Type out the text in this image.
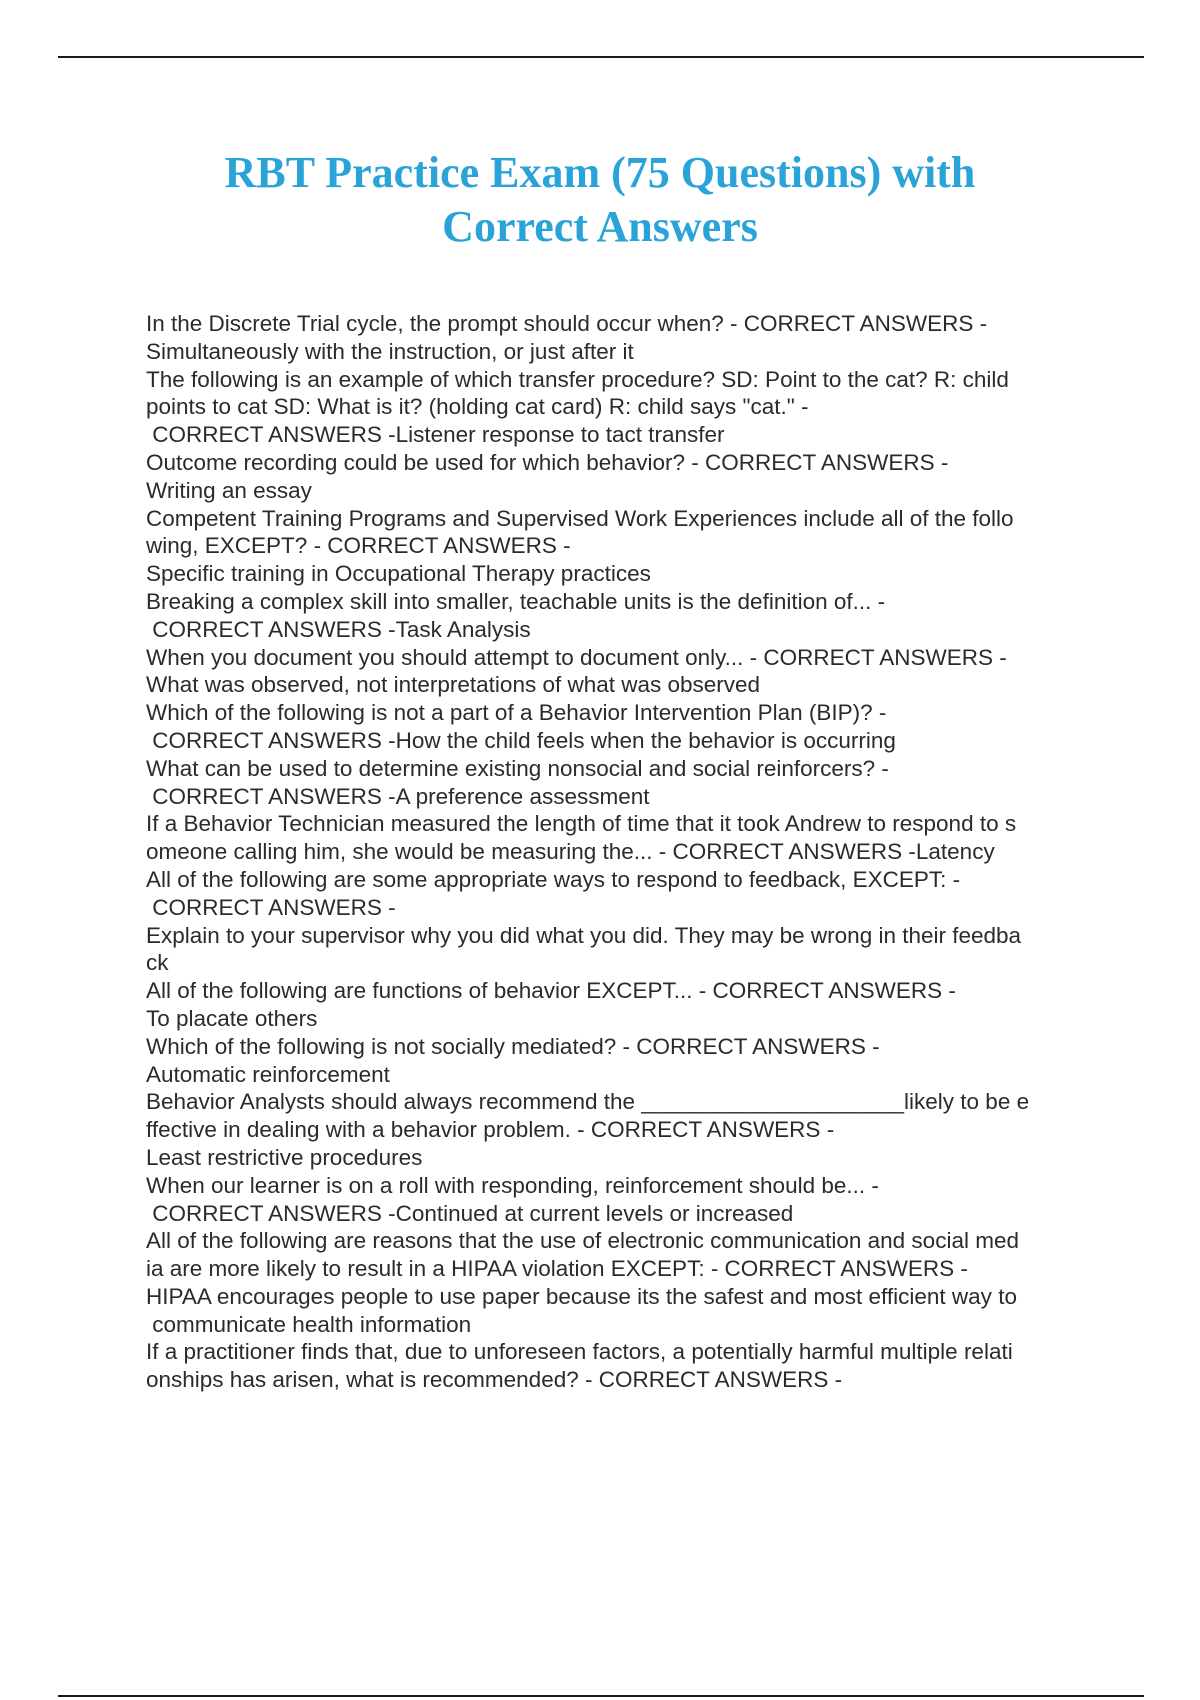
RBT Practice Exam (75 Questions) with
Correct Answers
In the Discrete Trial cycle, the prompt should occur when? - CORRECT ANSWERS -
Simultaneously with the instruction, or just after it
The following is an example of which transfer procedure? SD: Point to the cat? R: child
points to cat SD: What is it? (holding cat card) R: child says "cat." -
CORRECT ANSWERS -Listener response to tact transfer
Outcome recording could be used for which behavior? - CORRECT ANSWERS -
Writing an essay
Competent Training Programs and Supervised Work Experiences include all of the follo
wing, EXCEPT? - CORRECT ANSWERS -
Specific training in Occupational Therapy practices
Breaking a complex skill into smaller, teachable units is the definition of... -
CORRECT ANSWERS -Task Analysis
When you document you should attempt to document only... - CORRECT ANSWERS -
What was observed, not interpretations of what was observed
Which of the following is not a part of a Behavior Intervention Plan (BIP)? -
CORRECT ANSWERS -How the child feels when the behavior is occurring
What can be used to determine existing nonsocial and social reinforcers? -
CORRECT ANSWERS -A preference assessment
If a Behavior Technician measured the length of time that it took Andrew to respond to s
omeone calling him, she would be measuring the... - CORRECT ANSWERS -Latency
All of the following are some appropriate ways to respond to feedback, EXCEPT: -
CORRECT ANSWERS -
Explain to your supervisor why you did what you did. They may be wrong in their feedba
ck
All of the following are functions of behavior EXCEPT... - CORRECT ANSWERS -
To placate others
Which of the following is not socially mediated? - CORRECT ANSWERS -
Automatic reinforcement
Behavior Analysts should always recommend the _____________________likely to be e
ffective in dealing with a behavior problem. - CORRECT ANSWERS -
Least restrictive procedures
When our learner is on a roll with responding, reinforcement should be... -
CORRECT ANSWERS -Continued at current levels or increased
All of the following are reasons that the use of electronic communication and social med
ia are more likely to result in a HIPAA violation EXCEPT: - CORRECT ANSWERS -
HIPAA encourages people to use paper because its the safest and most efficient way to
communicate health information
If a practitioner finds that, due to unforeseen factors, a potentially harmful multiple relati
onships has arisen, what is recommended? - CORRECT ANSWERS -
